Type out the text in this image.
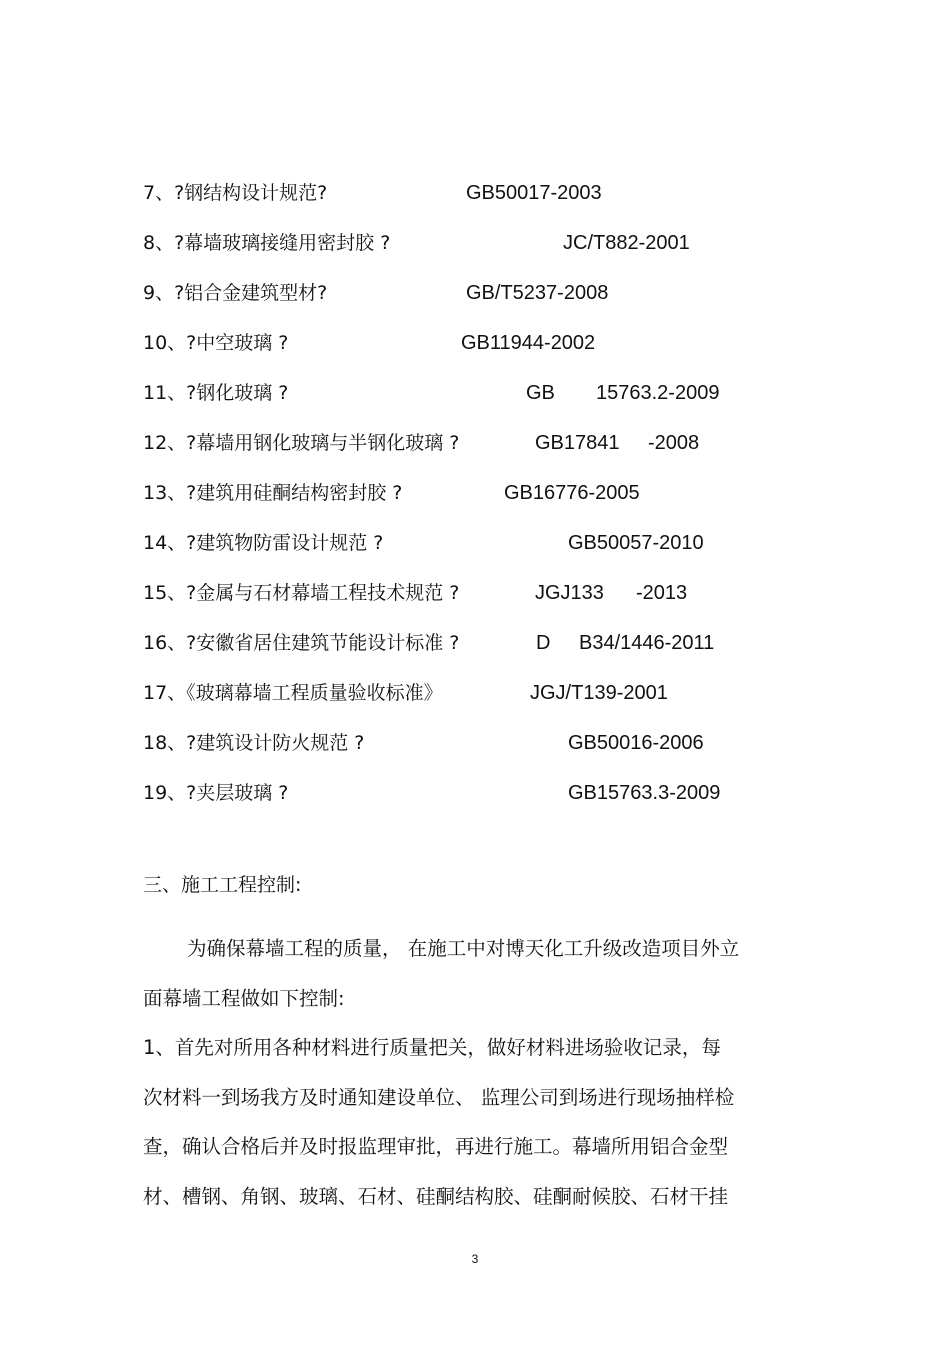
7、?钢结构设计规范?	GB50017-2003
8、?幕墙玻璃接缝用密封胶 ?	JC/T882-2001
9、?铝合金建筑型材?	GB/T5237-2008
10、?中空玻璃 ?	GB11944-2002
11、?钢化玻璃 ?	GB 15763.2-2009
12、?幕墙用钢化玻璃与半钢化玻璃 ?	GB17841 -2008
13、?建筑用硅酮结构密封胶 ?	GB16776-2005
14、?建筑物防雷设计规范 ?	GB50057-2010
15、?金属与石材幕墙工程技术规范 ?	JGJ133 -2013
16、?安徽省居住建筑节能设计标准 ?	D B34/1446-2011
17、《玻璃幕墙工程质量验收标准》	JGJ/T139-2001
18、?建筑设计防火规范 ?	GB50016-2006
19、?夹层玻璃 ?	GB15763.3-2009
三、施工工程控制:
为确保幕墙工程的质量， 在施工中对博天化工升级改造项目外立
面幕墙工程做如下控制:
1、首先对所用各种材料进行质量把关，做好材料进场验收记录，每
次材料一到场我方及时通知建设单位、 监理公司到场进行现场抽样检
查，确认合格后并及时报监理审批，再进行施工。幕墙所用铝合金型
材、槽钢、角钢、玻璃、石材、硅酮结构胶、硅酮耐候胶、石材干挂
3
